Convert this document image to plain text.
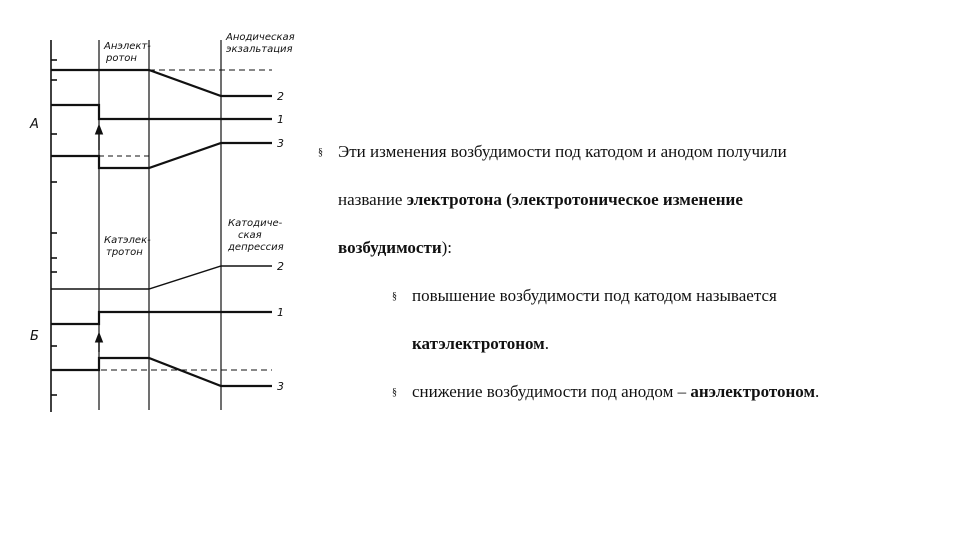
А
Б
Анэлект-
ротон
Анодическая
экзальтация
Катэлек-
тротон
Катодиче-
ская
депрессия
2
1
3
2
1
3
§ Эти изменения возбудимости под катодом и анодом получили
название электротона (электротоническое изменение
возбудимости):
§ повышение возбудимости под катодом называется
катэлектротоном.
§ снижение возбудимости под анодом – анэлектротоном.
